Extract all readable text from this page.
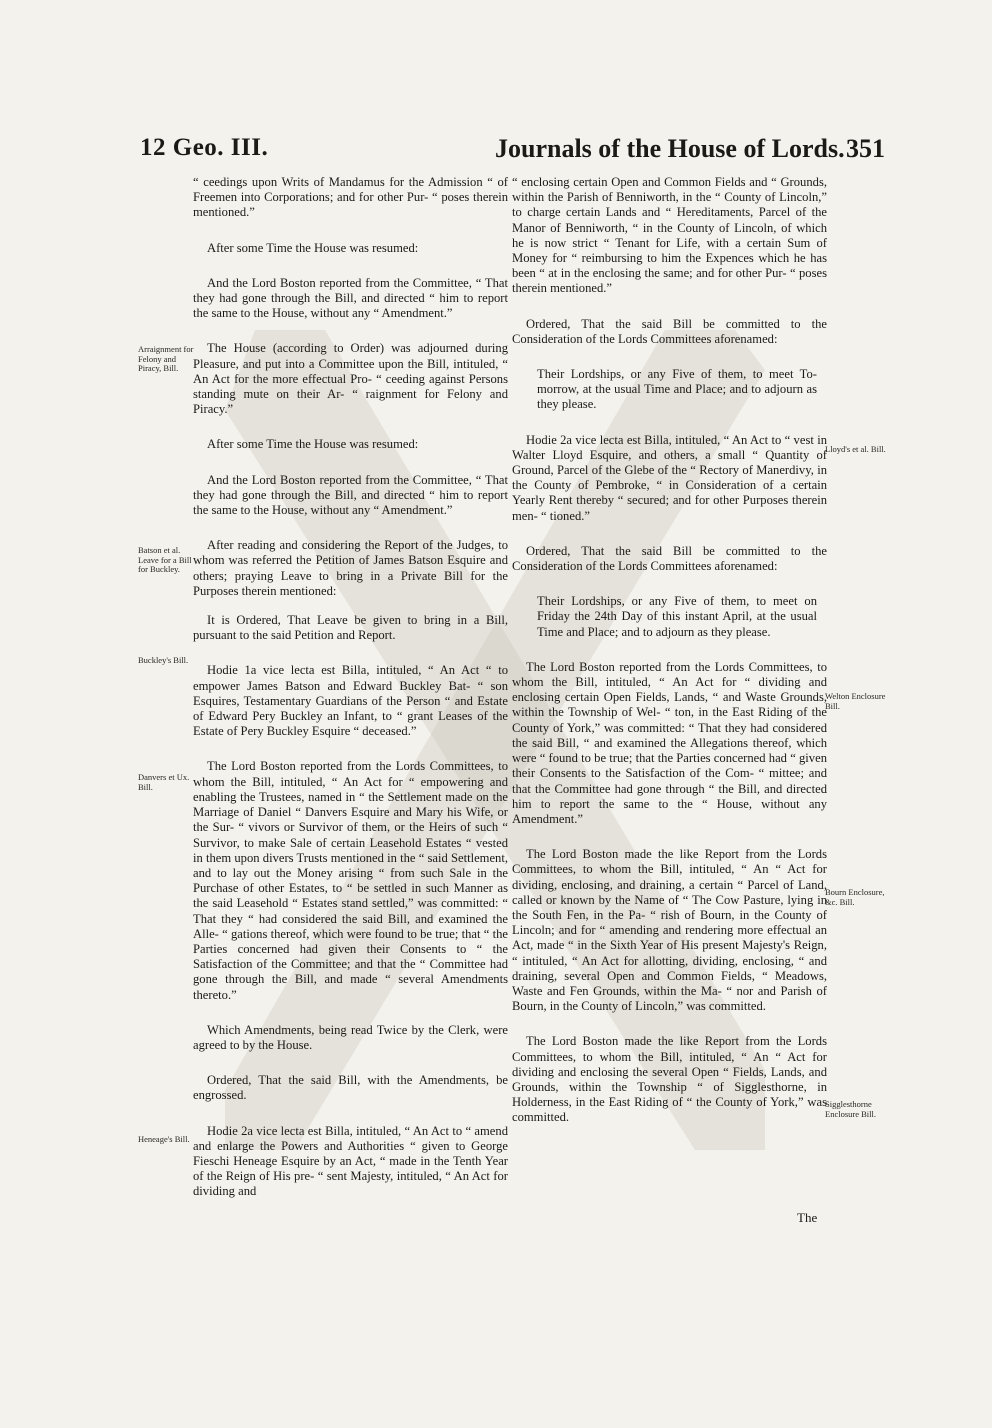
12 Geo. III.	Journals of the House of Lords. 351

“ ceedings upon Writs of Mandamus for the Admission “ of Freemen into Corporations; and for other Pur- “ poses therein mentioned.”

After some Time the House was resumed:

And the Lord Boston reported from the Committee, “ That they had gone through the Bill, and directed “ him to report the same to the House, without any “ Amendment.”

The House (according to Order) was adjourned during Pleasure, and put into a Committee upon the Bill, intituled, “ An Act for the more effectual Pro- “ ceeding against Persons standing mute on their Ar- “ raignment for Felony and Piracy.”

After some Time the House was resumed:

And the Lord Boston reported from the Committee, “ That they had gone through the Bill, and directed “ him to report the same to the House, without any “ Amendment.”

After reading and considering the Report of the Judges, to whom was referred the Petition of James Batson Esquire and others; praying Leave to bring in a Private Bill for the Purposes therein mentioned:

It is Ordered, That Leave be given to bring in a Bill, pursuant to the said Petition and Report.

Hodie 1a vice lecta est Billa, intituled, “ An Act “ to empower James Batson and Edward Buckley Bat- “ son Esquires, Testamentary Guardians of the Person “ and Estate of Edward Pery Buckley an Infant, to “ grant Leases of the Estate of Pery Buckley Esquire “ deceased.”

The Lord Boston reported from the Lords Committees, to whom the Bill, intituled, “ An Act for “ empowering and enabling the Trustees, named in “ the Settlement made on the Marriage of Daniel “ Danvers Esquire and Mary his Wife, or the Sur- “ vivors or Survivor of them, or the Heirs of such “ Survivor, to make Sale of certain Leasehold Estates “ vested in them upon divers Trusts mentioned in the “ said Settlement, and to lay out the Money arising “ from such Sale in the Purchase of other Estates, to “ be settled in such Manner as the said Leasehold “ Estates stand settled,” was committed: “ That they “ had considered the said Bill, and examined the Alle- “ gations thereof, which were found to be true; that “ the Parties concerned had given their Consents to “ the Satisfaction of the Committee; and that the “ Committee had gone through the Bill, and made “ several Amendments thereto.”

Which Amendments, being read Twice by the Clerk, were agreed to by the House.

Ordered, That the said Bill, with the Amendments, be engrossed.

Hodie 2a vice lecta est Billa, intituled, “ An Act to “ amend and enlarge the Powers and Authorities “ given to George Fieschi Heneage Esquire by an Act, “ made in the Tenth Year of the Reign of His pre- “ sent Majesty, intituled, “ An Act for dividing and

“ enclosing certain Open and Common Fields and “ Grounds, within the Parish of Benniworth, in the “ County of Lincoln,” to charge certain Lands and “ Hereditaments, Parcel of the Manor of Benniworth, “ in the County of Lincoln, of which he is now strict “ Tenant for Life, with a certain Sum of Money for “ reimbursing to him the Expences which he has been “ at in the enclosing the same; and for other Pur- “ poses therein mentioned.”

Ordered, That the said Bill be committed to the Consideration of the Lords Committees aforenamed:

Their Lordships, or any Five of them, to meet To-morrow, at the usual Time and Place; and to adjourn as they please.

Hodie 2a vice lecta est Billa, intituled, “ An Act to “ vest in Walter Lloyd Esquire, and others, a small “ Quantity of Ground, Parcel of the Glebe of the “ Rectory of Manerdivy, in the County of Pembroke, “ in Consideration of a certain Yearly Rent thereby “ secured; and for other Purposes therein men- “ tioned.”

Ordered, That the said Bill be committed to the Consideration of the Lords Committees aforenamed:

Their Lordships, or any Five of them, to meet on Friday the 24th Day of this instant April, at the usual Time and Place; and to adjourn as they please.

The Lord Boston reported from the Lords Committees, to whom the Bill, intituled, “ An Act for “ dividing and enclosing certain Open Fields, Lands, “ and Waste Grounds, within the Township of Wel- “ ton, in the East Riding of the County of York,” was committed: “ That they had considered the said Bill, “ and examined the Allegations thereof, which were “ found to be true; that the Parties concerned had “ given their Consents to the Satisfaction of the Com- “ mittee; and that the Committee had gone through “ the Bill, and directed him to report the same to the “ House, without any Amendment.”

The Lord Boston made the like Report from the Lords Committees, to whom the Bill, intituled, “ An “ Act for dividing, enclosing, and draining, a certain “ Parcel of Land, called or known by the Name of “ The Cow Pasture, lying in the South Fen, in the Pa- “ rish of Bourn, in the County of Lincoln; and for “ amending and rendering more effectual an Act, made “ in the Sixth Year of His present Majesty's Reign, “ intituled, “ An Act for allotting, dividing, enclosing, “ and draining, several Open and Common Fields, “ Meadows, Waste and Fen Grounds, within the Ma- “ nor and Parish of Bourn, in the County of Lincoln,” was committed.

The Lord Boston made the like Report from the Lords Committees, to whom the Bill, intituled, “ An “ Act for dividing and enclosing the several Open “ Fields, Lands, and Grounds, within the Township “ of Sigglesthorne, in Holderness, in the East Riding of “ the County of York,” was committed.

Arraignment for Felony and Piracy, Bill.
Batson et al. Leave for a Bill for Buckley.
Buckley's Bill.
Danvers et Ux. Bill.
Heneage's Bill.
Lloyd's et al. Bill.
Welton Enclosure Bill.
Bourn Enclosure, &c. Bill.
Sigglesthorne Enclosure Bill.
The
